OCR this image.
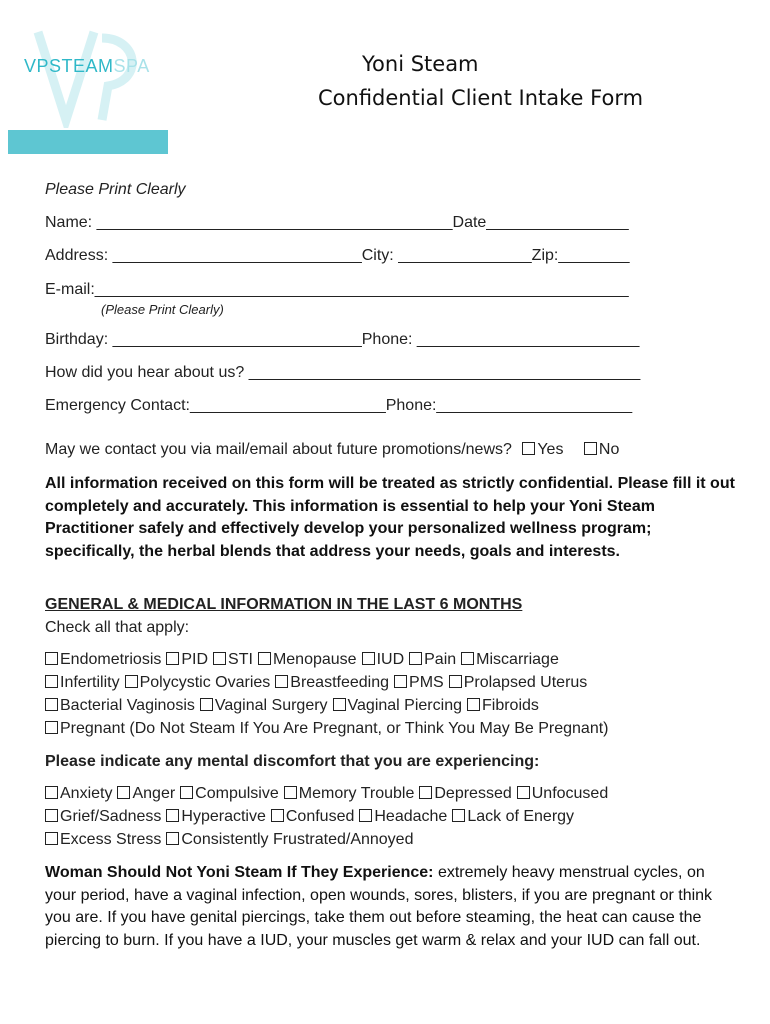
VPSTEAMSPA	Yoni Steam
Confidential Client Intake Form
Please Print Clearly
Name: ________________________________________Date________________
Address: ____________________________City: _______________Zip:________
E-mail:____________________________________________________________
(Please Print Clearly)
Birthday: ____________________________Phone: _________________________
How did you hear about us? ____________________________________________
Emergency Contact:______________________Phone:______________________
May we contact you via mail/email about future promotions/news? Yes No
All information received on this form will be treated as strictly confidential. Please fill it out completely and accurately. This information is essential to help your Yoni Steam Practitioner safely and effectively develop your personalized wellness program; specifically, the herbal blends that address your needs, goals and interests.
GENERAL & MEDICAL INFORMATION IN THE LAST 6 MONTHS
Check all that apply:
Endometriosis PID STI Menopause IUD Pain Miscarriage
Infertility Polycystic Ovaries Breastfeeding PMS Prolapsed Uterus
Bacterial Vaginosis Vaginal Surgery Vaginal Piercing Fibroids
Pregnant (Do Not Steam If You Are Pregnant, or Think You May Be Pregnant)
Please indicate any mental discomfort that you are experiencing:
Anxiety Anger Compulsive Memory Trouble Depressed Unfocused
Grief/Sadness Hyperactive Confused Headache Lack of Energy
Excess Stress Consistently Frustrated/Annoyed
Woman Should Not Yoni Steam If They Experience: extremely heavy menstrual cycles, on your period, have a vaginal infection, open wounds, sores, blisters, if you are pregnant or think you are. If you have genital piercings, take them out before steaming, the heat can cause the piercing to burn. If you have a IUD, your muscles get warm & relax and your IUD can fall out.
